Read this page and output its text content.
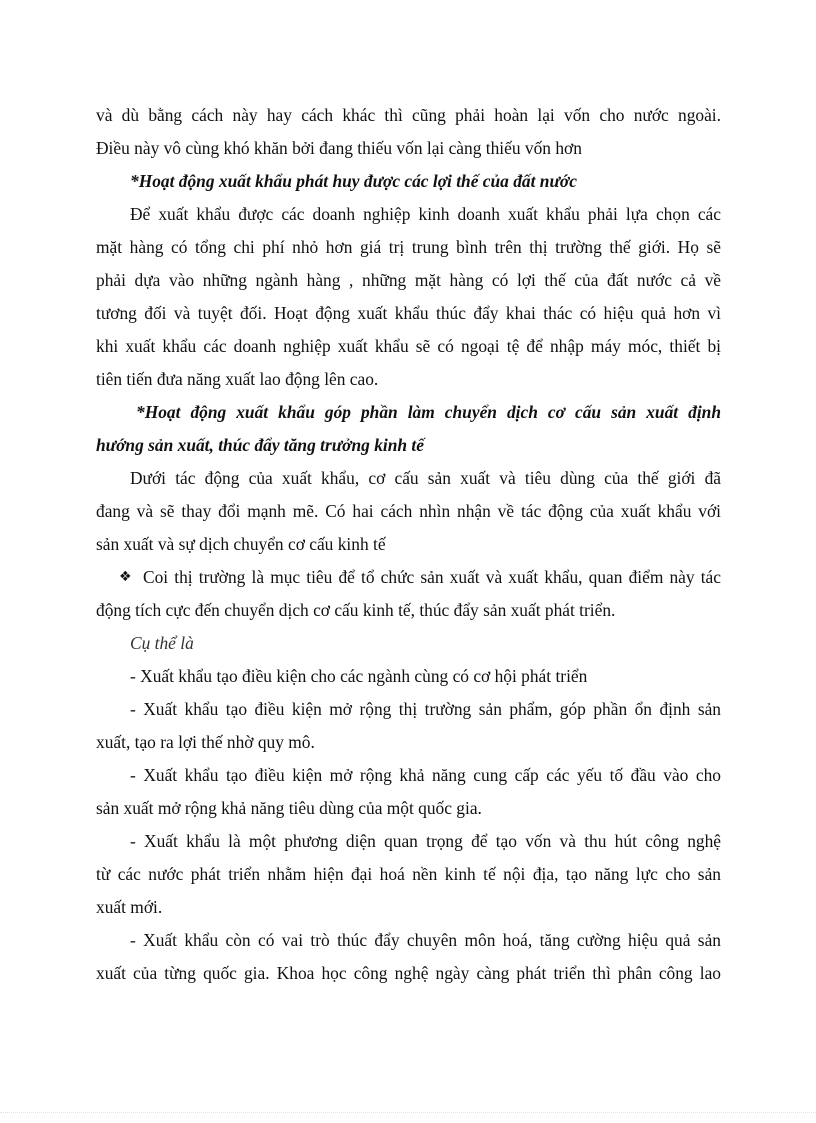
và dù bằng cách này hay cách khác thì cũng phải hoàn lại vốn cho nước ngoài.
Điều này vô cùng khó khăn bởi đang thiếu vốn lại càng thiếu vốn hơn
*Hoạt động xuất khẩu phát huy được các lợi thế của đất nước
Để xuất khẩu được các doanh nghiệp kinh doanh xuất khẩu phải lựa chọn các
mặt hàng có tổng chi phí nhỏ hơn giá trị trung bình trên thị trường thế giới. Họ sẽ
phải dựa vào những ngành hàng , những mặt hàng có lợi thế của đất nước cả về
tương đối và tuyệt đối. Hoạt động xuất khẩu thúc đẩy khai thác có hiệu quả hơn vì
khi xuất khẩu các doanh nghiệp xuất khẩu sẽ có ngoại tệ để nhập máy móc, thiết bị
tiên tiến đưa năng xuất lao động lên cao.
*Hoạt động xuất khẩu góp phần làm chuyển dịch cơ cấu sản xuất định
hướng sản xuất, thúc đẩy tăng trưởng kinh tế
Dưới tác động của xuất khẩu, cơ cấu sản xuất và tiêu dùng của thế giới đã
đang và sẽ thay đổi mạnh mẽ. Có hai cách nhìn nhận về tác động của xuất khẩu với
sản xuất và sự dịch chuyển cơ cấu kinh tế
❖ Coi thị trường là mục tiêu để tổ chức sản xuất và xuất khẩu, quan điểm này tác
động tích cực đến chuyển dịch cơ cấu kinh tế, thúc đẩy sản xuất phát triển.
Cụ thể là
- Xuất khẩu tạo điều kiện cho các ngành cùng có cơ hội phát triển
- Xuất khẩu tạo điều kiện mở rộng thị trường sản phẩm, góp phần ổn định sản
xuất, tạo ra lợi thế nhờ quy mô.
- Xuất khẩu tạo điều kiện mở rộng khả năng cung cấp các yếu tố đầu vào cho
sản xuất mở rộng khả năng tiêu dùng của một quốc gia.
- Xuất khẩu là một phương diện quan trọng để tạo vốn và thu hút công nghệ
từ các nước phát triển nhằm hiện đại hoá nền kinh tế nội địa, tạo năng lực cho sản
xuất mới.
- Xuất khẩu còn có vai trò thúc đẩy chuyên môn hoá, tăng cường hiệu quả sản
xuất của từng quốc gia. Khoa học công nghệ ngày càng phát triển thì phân công lao
